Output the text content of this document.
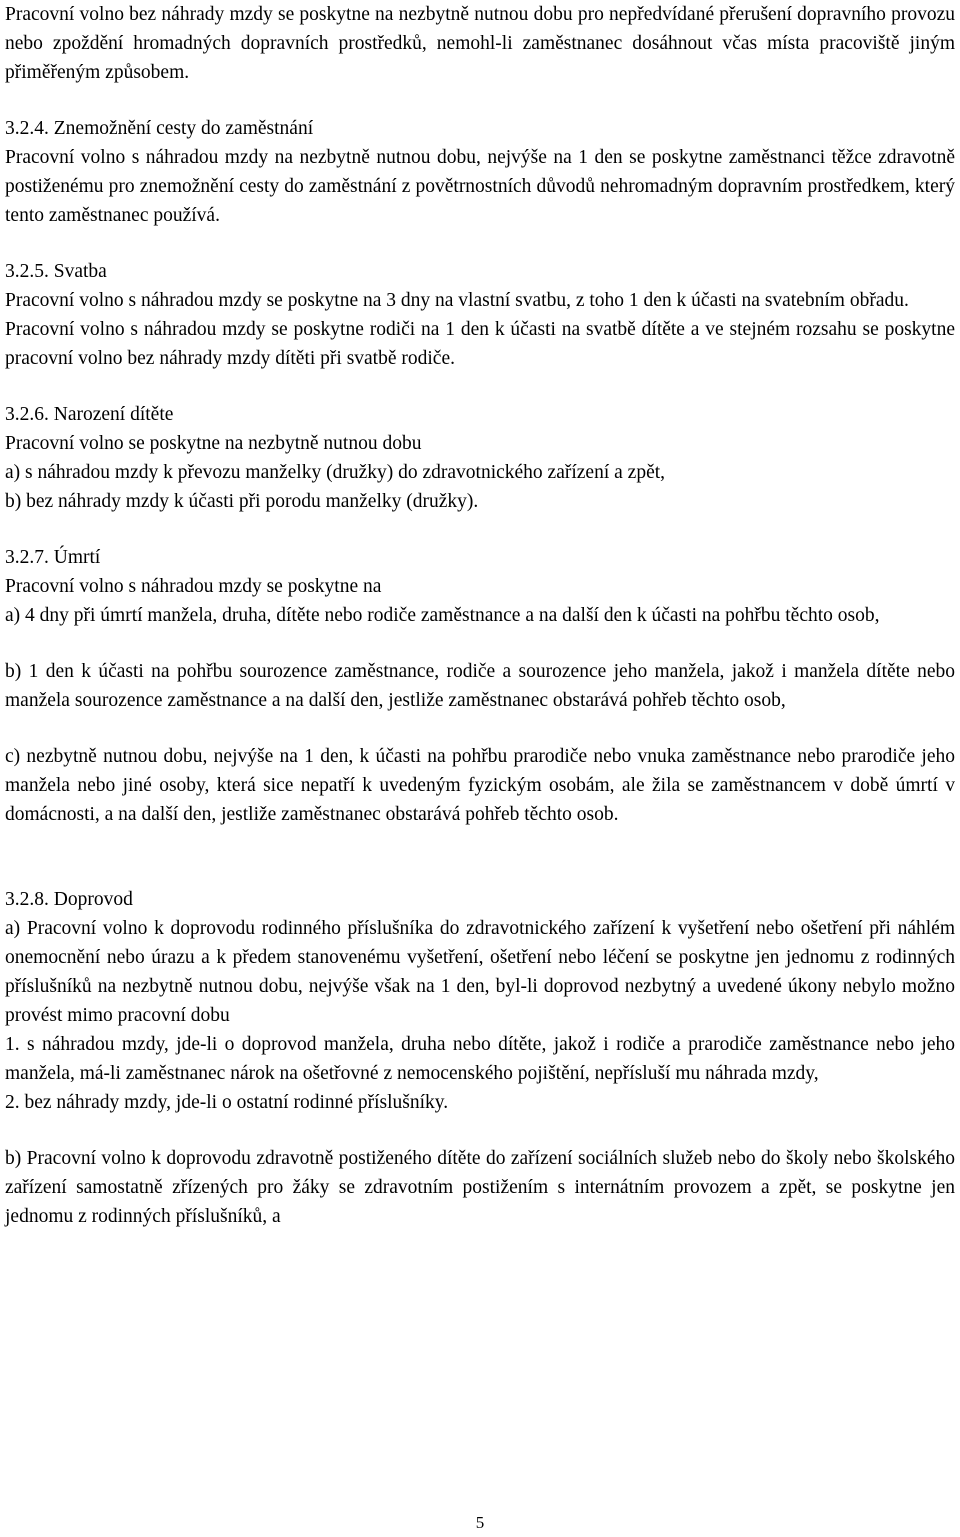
Pracovní volno bez náhrady mzdy se poskytne na nezbytně nutnou dobu pro nepředvídané přerušení dopravního provozu nebo zpoždění hromadných dopravních prostředků, nemohl-li zaměstnanec dosáhnout včas místa pracoviště jiným přiměřeným způsobem.

3.2.4. Znemožnění cesty do zaměstnání

Pracovní volno s náhradou mzdy na nezbytně nutnou dobu, nejvýše na 1 den se poskytne zaměstnanci těžce zdravotně postiženému pro znemožnění cesty do zaměstnání z povětrnostních důvodů nehromadným dopravním prostředkem, který tento zaměstnanec používá.

3.2.5. Svatba

Pracovní volno s náhradou mzdy se poskytne na 3 dny na vlastní svatbu, z toho 1 den k účasti na svatebním obřadu.

Pracovní volno s náhradou mzdy se poskytne rodiči na 1 den k účasti na svatbě dítěte a ve stejném rozsahu se poskytne pracovní volno bez náhrady mzdy dítěti při svatbě rodiče.

3.2.6. Narození dítěte

Pracovní volno se poskytne na nezbytně nutnou dobu

a) s náhradou mzdy k převozu manželky (družky) do zdravotnického zařízení a zpět,

b) bez náhrady mzdy k účasti při porodu manželky (družky).

3.2.7. Úmrtí

Pracovní volno s náhradou mzdy se poskytne na

a) 4 dny při úmrtí manžela, druha, dítěte nebo rodiče zaměstnance a na další den k účasti na pohřbu těchto osob,

b) 1 den k účasti na pohřbu sourozence zaměstnance, rodiče a sourozence jeho manžela, jakož i manžela dítěte nebo manžela sourozence zaměstnance a na další den, jestliže zaměstnanec obstarává pohřeb těchto osob,

c) nezbytně nutnou dobu, nejvýše na 1 den, k účasti na pohřbu prarodiče nebo vnuka zaměstnance nebo prarodiče jeho manžela nebo jiné osoby, která sice nepatří k uvedeným fyzickým osobám, ale žila se zaměstnancem v době úmrtí v domácnosti, a na další den, jestliže zaměstnanec obstarává pohřeb těchto osob.

3.2.8. Doprovod

a) Pracovní volno k doprovodu rodinného příslušníka do zdravotnického zařízení k vyšetření nebo ošetření při náhlém onemocnění nebo úrazu a k předem stanovenému vyšetření, ošetření nebo léčení se poskytne jen jednomu z rodinných příslušníků na nezbytně nutnou dobu, nejvýše však na 1 den, byl-li doprovod nezbytný a uvedené úkony nebylo možno provést mimo pracovní dobu

1. s náhradou mzdy, jde-li o doprovod manžela, druha nebo dítěte, jakož i rodiče a prarodiče zaměstnance nebo jeho manžela, má-li zaměstnanec nárok na ošetřovné z nemocenského pojištění, nepřísluší mu náhrada mzdy,

2. bez náhrady mzdy, jde-li o ostatní rodinné příslušníky.

b) Pracovní volno k doprovodu zdravotně postiženého dítěte do zařízení sociálních služeb nebo do školy nebo školského zařízení samostatně zřízených pro žáky se zdravotním postižením s internátním provozem a zpět, se poskytne jen jednomu z rodinných příslušníků, a

5
